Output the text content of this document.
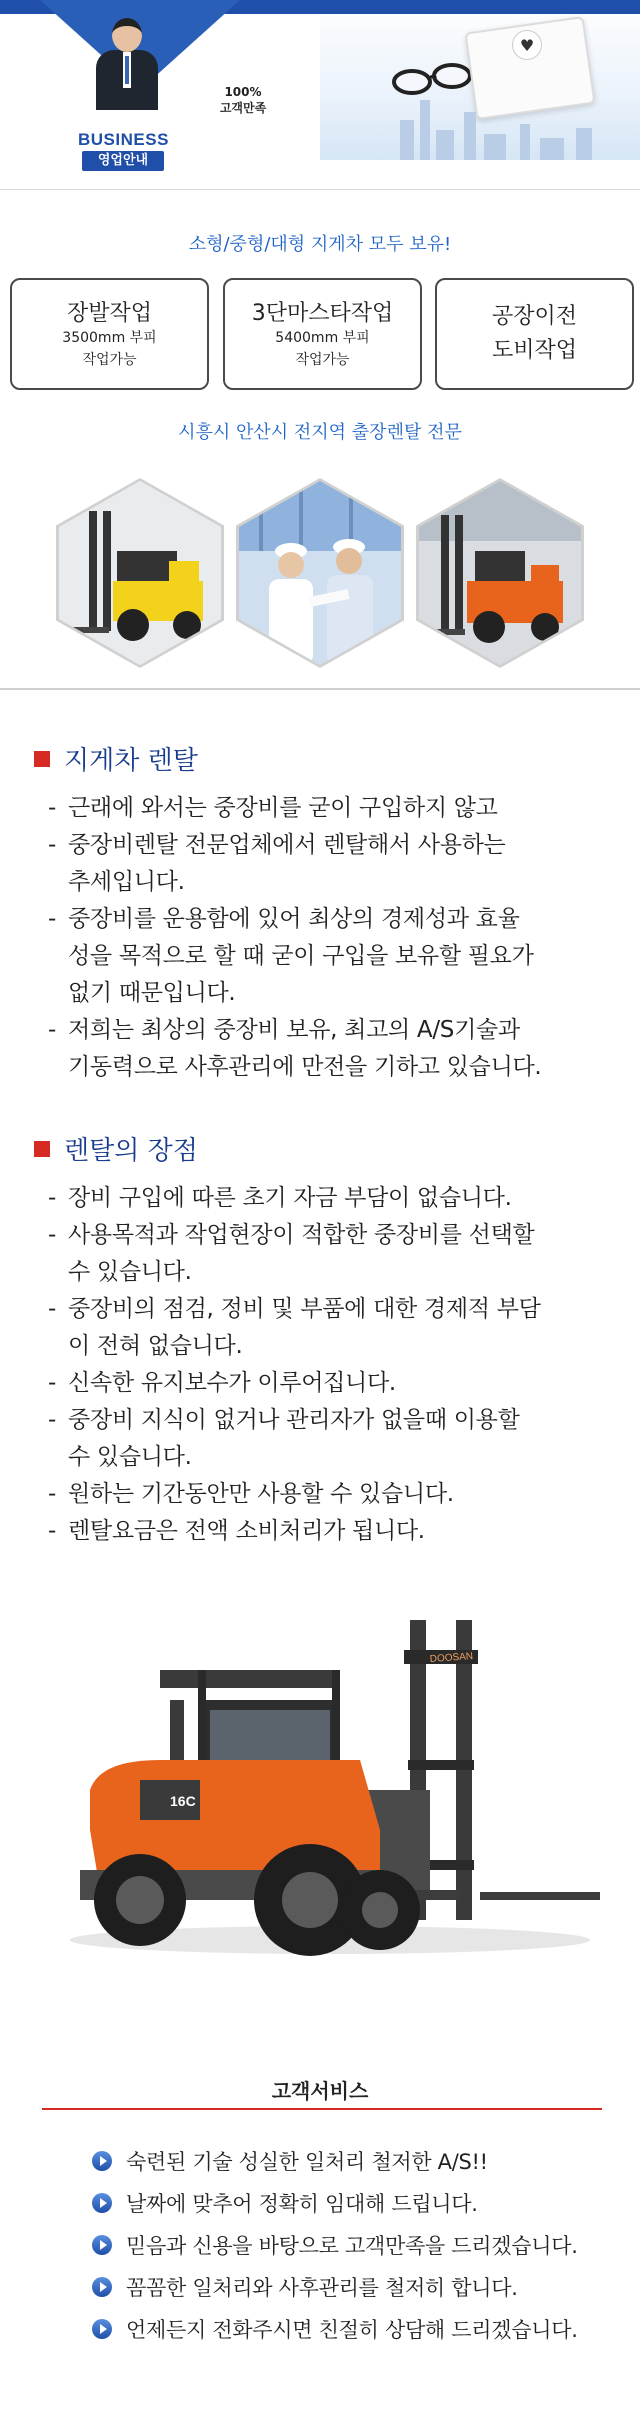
BUSINESS
영업안내
100%
고객만족
♥
소형/중형/대형 지게차 모두 보유!
장발작업
3500mm 부피
작업가능
3단마스타작업
5400mm 부피
작업가능
공장이전
도비작업
시흥시 안산시 전지역 출장렌탈 전문
지게차 렌탈
- 근래에 와서는 중장비를 굳이 구입하지 않고
- 중장비렌탈 전문업체에서 렌탈해서 사용하는
추세입니다.
- 중장비를 운용함에 있어 최상의 경제성과 효율
성을 목적으로 할 때 굳이 구입을 보유할 필요가
없기 때문입니다.
- 저희는 최상의 중장비 보유, 최고의 A/S기술과
기동력으로 사후관리에 만전을 기하고 있습니다.
렌탈의 장점
- 장비 구입에 따른 초기 자금 부담이 없습니다.
- 사용목적과 작업현장이 적합한 중장비를 선택할
수 있습니다.
- 중장비의 점검, 정비 및 부품에 대한 경제적 부담
이 전혀 없습니다.
- 신속한 유지보수가 이루어집니다.
- 중장비 지식이 없거나 관리자가 없을때 이용할
수 있습니다.
- 원하는 기간동안만 사용할 수 있습니다.
- 렌탈요금은 전액 소비처리가 됩니다.
DOOSAN
16C
고객서비스
숙련된 기술 성실한 일처리 철저한 A/S!!
날짜에 맞추어 정확히 임대해 드립니다.
믿음과 신용을 바탕으로 고객만족을 드리겠습니다.
꼼꼼한 일처리와 사후관리를 철저히 합니다.
언제든지 전화주시면 친절히 상담해 드리겠습니다.
